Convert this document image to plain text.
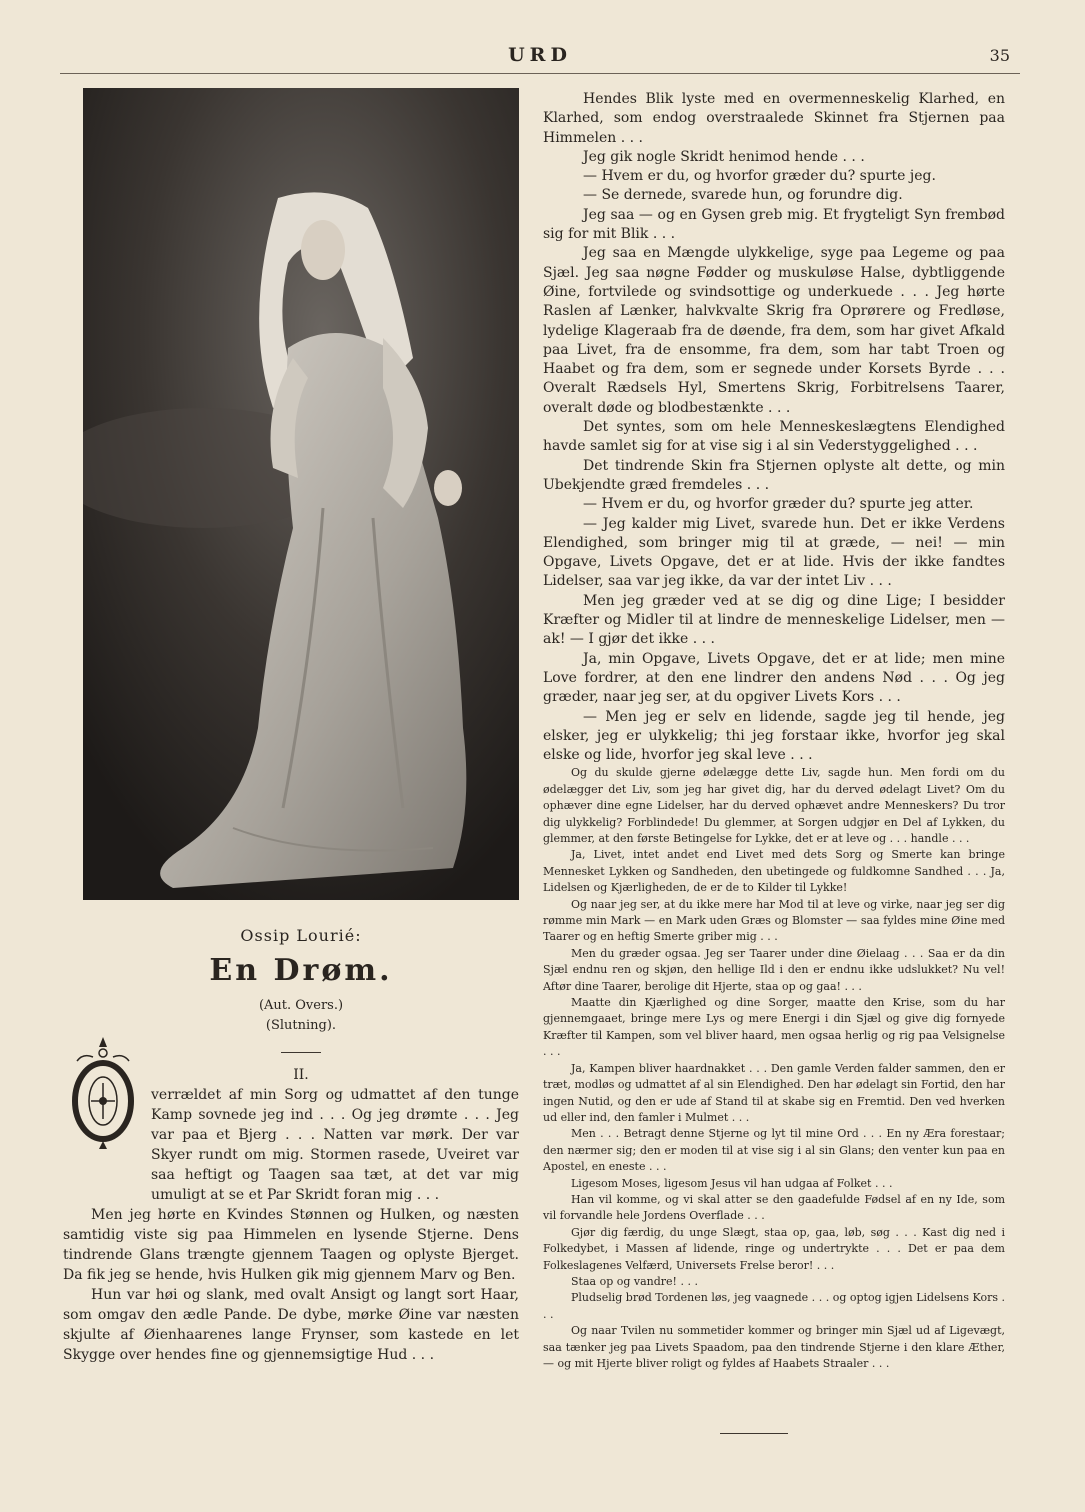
URD	35
Ossip Lourié:
En Drøm.
(Aut. Overs.)
(Slutning).
II.
O

verrældet af min Sorg og udmattet af den tunge Kamp sovnede jeg ind . . . Og jeg drømte . . . Jeg var paa et Bjerg . . . Natten var mørk. Der var Skyer rundt om mig. Stormen rasede, Uveiret var saa heftigt og Taagen saa tæt, at det var mig umuligt at se et Par Skridt foran mig . . .

Men jeg hørte en Kvindes Stønnen og Hulken, og næsten samtidig viste sig paa Himmelen en lysende Stjerne. Dens tindrende Glans trængte gjennem Taagen og oplyste Bjerget. Da fik jeg se hende, hvis Hulken gik mig gjennem Marv og Ben.

Hun var høi og slank, med ovalt Ansigt og langt sort Haar, som omgav den ædle Pande. De dybe, mørke Øine var næsten skjulte af Øienhaarenes lange Frynser, som kastede en let Skygge over hendes fine og gjennemsigtige Hud . . .

Hendes Blik lyste med en overmenneskelig Klarhed, en Klarhed, som endog overstraalede Skinnet fra Stjernen paa Himmelen . . .

Jeg gik nogle Skridt henimod hende . . .

— Hvem er du, og hvorfor græder du? spurte jeg.

— Se dernede, svarede hun, og forundre dig.

Jeg saa — og en Gysen greb mig. Et frygteligt Syn frembød sig for mit Blik . . .

Jeg saa en Mængde ulykkelige, syge paa Legeme og paa Sjæl. Jeg saa nøgne Fødder og muskuløse Halse, dybtliggende Øine, fortvilede og svindsottige og underkuede . . . Jeg hørte Raslen af Lænker, halvkvalte Skrig fra Oprørere og Fredløse, lydelige Klageraab fra de døende, fra dem, som har givet Afkald paa Livet, fra de ensomme, fra dem, som har tabt Troen og Haabet og fra dem, som er segnede under Korsets Byrde . . . Overalt Rædsels Hyl, Smertens Skrig, Forbitrelsens Taarer, overalt døde og blodbestænkte . . .

Det syntes, som om hele Menneskeslægtens Elendighed havde samlet sig for at vise sig i al sin Vederstyggelighed . . .

Det tindrende Skin fra Stjernen oplyste alt dette, og min Ubekjendte græd fremdeles . . .

— Hvem er du, og hvorfor græder du? spurte jeg atter.

— Jeg kalder mig Livet, svarede hun. Det er ikke Verdens Elendighed, som bringer mig til at græde, — nei! — min Opgave, Livets Opgave, det er at lide. Hvis der ikke fandtes Lidelser, saa var jeg ikke, da var der intet Liv . . .

Men jeg græder ved at se dig og dine Lige; I besidder Kræfter og Midler til at lindre de menneskelige Lidelser, men — ak! — I gjør det ikke . . .

Ja, min Opgave, Livets Opgave, det er at lide; men mine Love fordrer, at den ene lindrer den andens Nød . . . Og jeg græder, naar jeg ser, at du opgiver Livets Kors . . .

— Men jeg er selv en lidende, sagde jeg til hende, jeg elsker, jeg er ulykkelig; thi jeg forstaar ikke, hvorfor jeg skal elske og lide, hvorfor jeg skal leve . . .

Og du skulde gjerne ødelægge dette Liv, sagde hun. Men fordi om du ødelægger det Liv, som jeg har givet dig, har du derved ødelagt Livet? Om du ophæver dine egne Lidelser, har du derved ophævet andre Menneskers? Du tror dig ulykkelig? Forblindede! Du glemmer, at Sorgen udgjør en Del af Lykken, du glemmer, at den første Betingelse for Lykke, det er at leve og . . . handle . . .

Ja, Livet, intet andet end Livet med dets Sorg og Smerte kan bringe Mennesket Lykken og Sandheden, den ubetingede og fuldkomne Sandhed . . . Ja, Lidelsen og Kjærligheden, de er de to Kilder til Lykke!

Og naar jeg ser, at du ikke mere har Mod til at leve og virke, naar jeg ser dig rømme min Mark — en Mark uden Græs og Blomster — saa fyldes mine Øine med Taarer og en heftig Smerte griber mig . . .

Men du græder ogsaa. Jeg ser Taarer under dine Øielaag . . . Saa er da din Sjæl endnu ren og skjøn, den hellige Ild i den er endnu ikke udslukket? Nu vel! Aftør dine Taarer, berolige dit Hjerte, staa op og gaa! . . .

Maatte din Kjærlighed og dine Sorger, maatte den Krise, som du har gjennemgaaet, bringe mere Lys og mere Energi i din Sjæl og give dig fornyede Kræfter til Kampen, som vel bliver haard, men ogsaa herlig og rig paa Velsignelse . . .

Ja, Kampen bliver haardnakket . . . Den gamle Verden falder sammen, den er træt, modløs og udmattet af al sin Elendighed. Den har ødelagt sin Fortid, den har ingen Nutid, og den er ude af Stand til at skabe sig en Fremtid. Den ved hverken ud eller ind, den famler i Mulmet . . .

Men . . . Betragt denne Stjerne og lyt til mine Ord . . . En ny Æra forestaar; den nærmer sig; den er moden til at vise sig i al sin Glans; den venter kun paa en Apostel, en eneste . . .

Ligesom Moses, ligesom Jesus vil han udgaa af Folket . . .

Han vil komme, og vi skal atter se den gaadefulde Fødsel af en ny Ide, som vil forvandle hele Jordens Overflade . . .

Gjør dig færdig, du unge Slægt, staa op, gaa, løb, søg . . . Kast dig ned i Folkedybet, i Massen af lidende, ringe og undertrykte . . . Det er paa dem Folkeslagenes Velfærd, Universets Frelse beror! . . .

Staa op og vandre! . . .

Pludselig brød Tordenen løs, jeg vaagnede . . . og optog igjen Lidelsens Kors . . .

Og naar Tvilen nu sommetider kommer og bringer min Sjæl ud af Ligevægt, saa tænker jeg paa Livets Spaadom, paa den tindrende Stjerne i den klare Æther, — og mit Hjerte bliver roligt og fyldes af Haabets Straaler . . .
